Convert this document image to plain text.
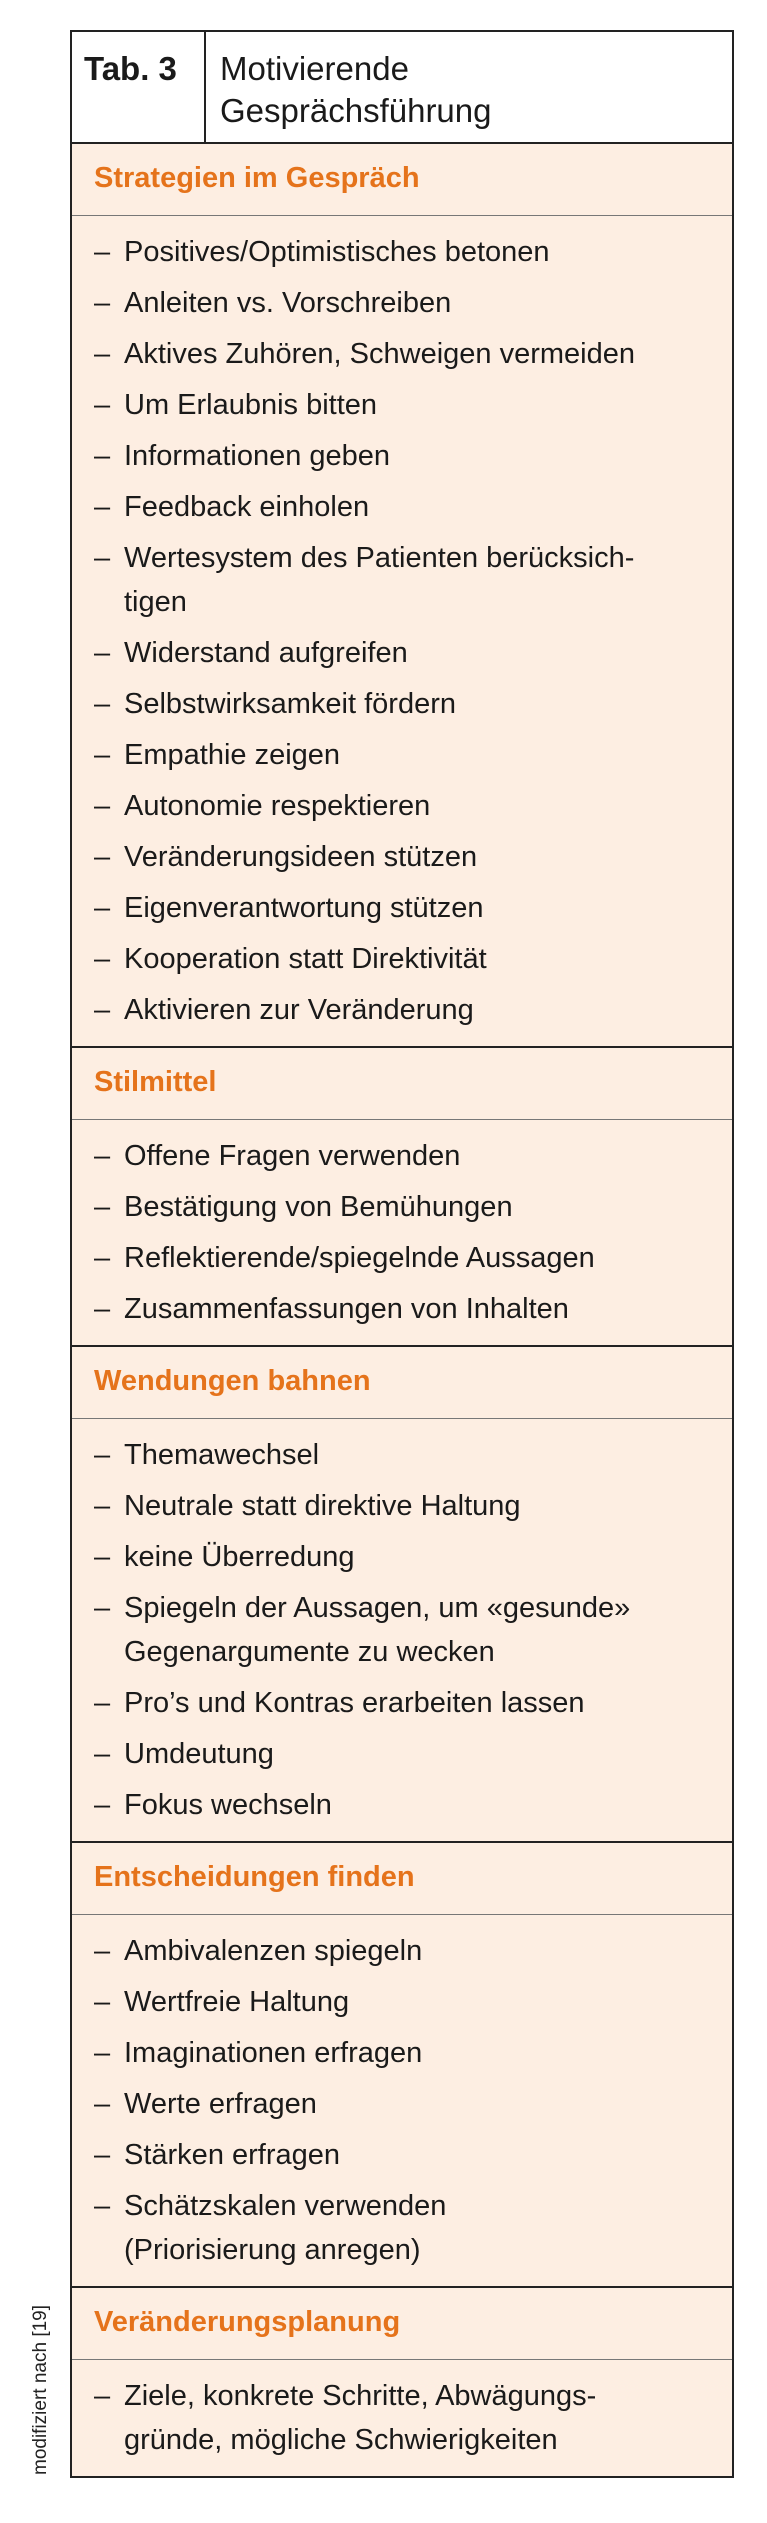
Tab. 3	Motivierende
Gesprächsführung
Strategien im Gespräch
– Positives/Optimistisches betonen
– Anleiten vs. Vorschreiben
– Aktives Zuhören, Schweigen vermeiden
– Um Erlaubnis bitten
– Informationen geben
– Feedback einholen
– Wertesystem des Patienten berücksich-
tigen
– Widerstand aufgreifen
– Selbstwirksamkeit fördern
– Empathie zeigen
– Autonomie respektieren
– Veränderungsideen stützen
– Eigenverantwortung stützen
– Kooperation statt Direktivität
– Aktivieren zur Veränderung
Stilmittel
– Offene Fragen verwenden
– Bestätigung von Bemühungen
– Reflektierende/spiegelnde Aussagen
– Zusammenfassungen von Inhalten
Wendungen bahnen
– Themawechsel
– Neutrale statt direktive Haltung
– keine Überredung
– Spiegeln der Aussagen, um «gesunde»
Gegenargumente zu wecken
– Pro’s und Kontras erarbeiten lassen
– Umdeutung
– Fokus wechseln
Entscheidungen finden
– Ambivalenzen spiegeln
– Wertfreie Haltung
– Imaginationen erfragen
– Werte erfragen
– Stärken erfragen
– Schätzskalen verwenden
(Priorisierung anregen)
Veränderungsplanung
– Ziele, konkrete Schritte, Abwägungs-
gründe, mögliche Schwierigkeiten
modifiziert nach [19]
